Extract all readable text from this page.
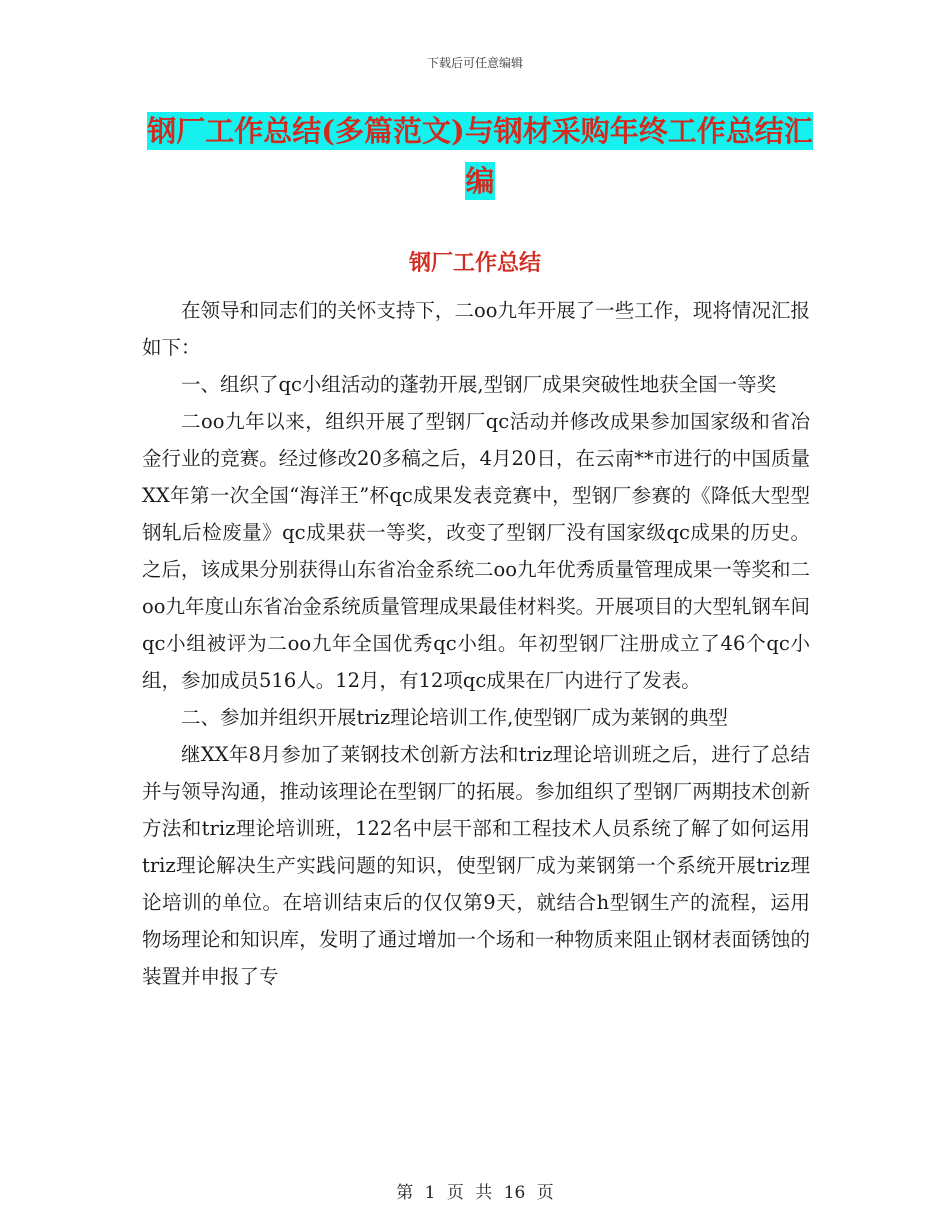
下载后可任意编辑
钢厂工作总结(多篇范文)与钢材采购年终工作总结汇编
钢厂工作总结

在领导和同志们的关怀支持下，二oo九年开展了一些工作，现将情况汇报如下：

一、组织了qc小组活动的蓬勃开展,型钢厂成果突破性地获全国一等奖

二oo九年以来，组织开展了型钢厂qc活动并修改成果参加国家级和省冶金行业的竞赛。经过修改20多稿之后，4月20日，在云南**市进行的中国质量XX年第一次全国“海洋王”杯qc成果发表竞赛中，型钢厂参赛的《降低大型型钢轧后检废量》qc成果获一等奖，改变了型钢厂没有国家级qc成果的历史。之后，该成果分别获得山东省冶金系统二oo九年优秀质量管理成果一等奖和二oo九年度山东省冶金系统质量管理成果最佳材料奖。开展项目的大型轧钢车间qc小组被评为二oo九年全国优秀qc小组。年初型钢厂注册成立了46个qc小组，参加成员516人。12月，有12项qc成果在厂内进行了发表。

二、参加并组织开展triz理论培训工作,使型钢厂成为莱钢的典型

继XX年8月参加了莱钢技术创新方法和triz理论培训班之后，进行了总结并与领导沟通，推动该理论在型钢厂的拓展。参加组织了型钢厂两期技术创新方法和triz理论培训班，122名中层干部和工程技术人员系统了解了如何运用triz理论解决生产实践问题的知识，使型钢厂成为莱钢第一个系统开展triz理论培训的单位。在培训结束后的仅仅第9天，就结合h型钢生产的流程，运用物场理论和知识库，发明了通过增加一个场和一种物质来阻止钢材表面锈蚀的装置并申报了专

第 1 页 共 16 页
